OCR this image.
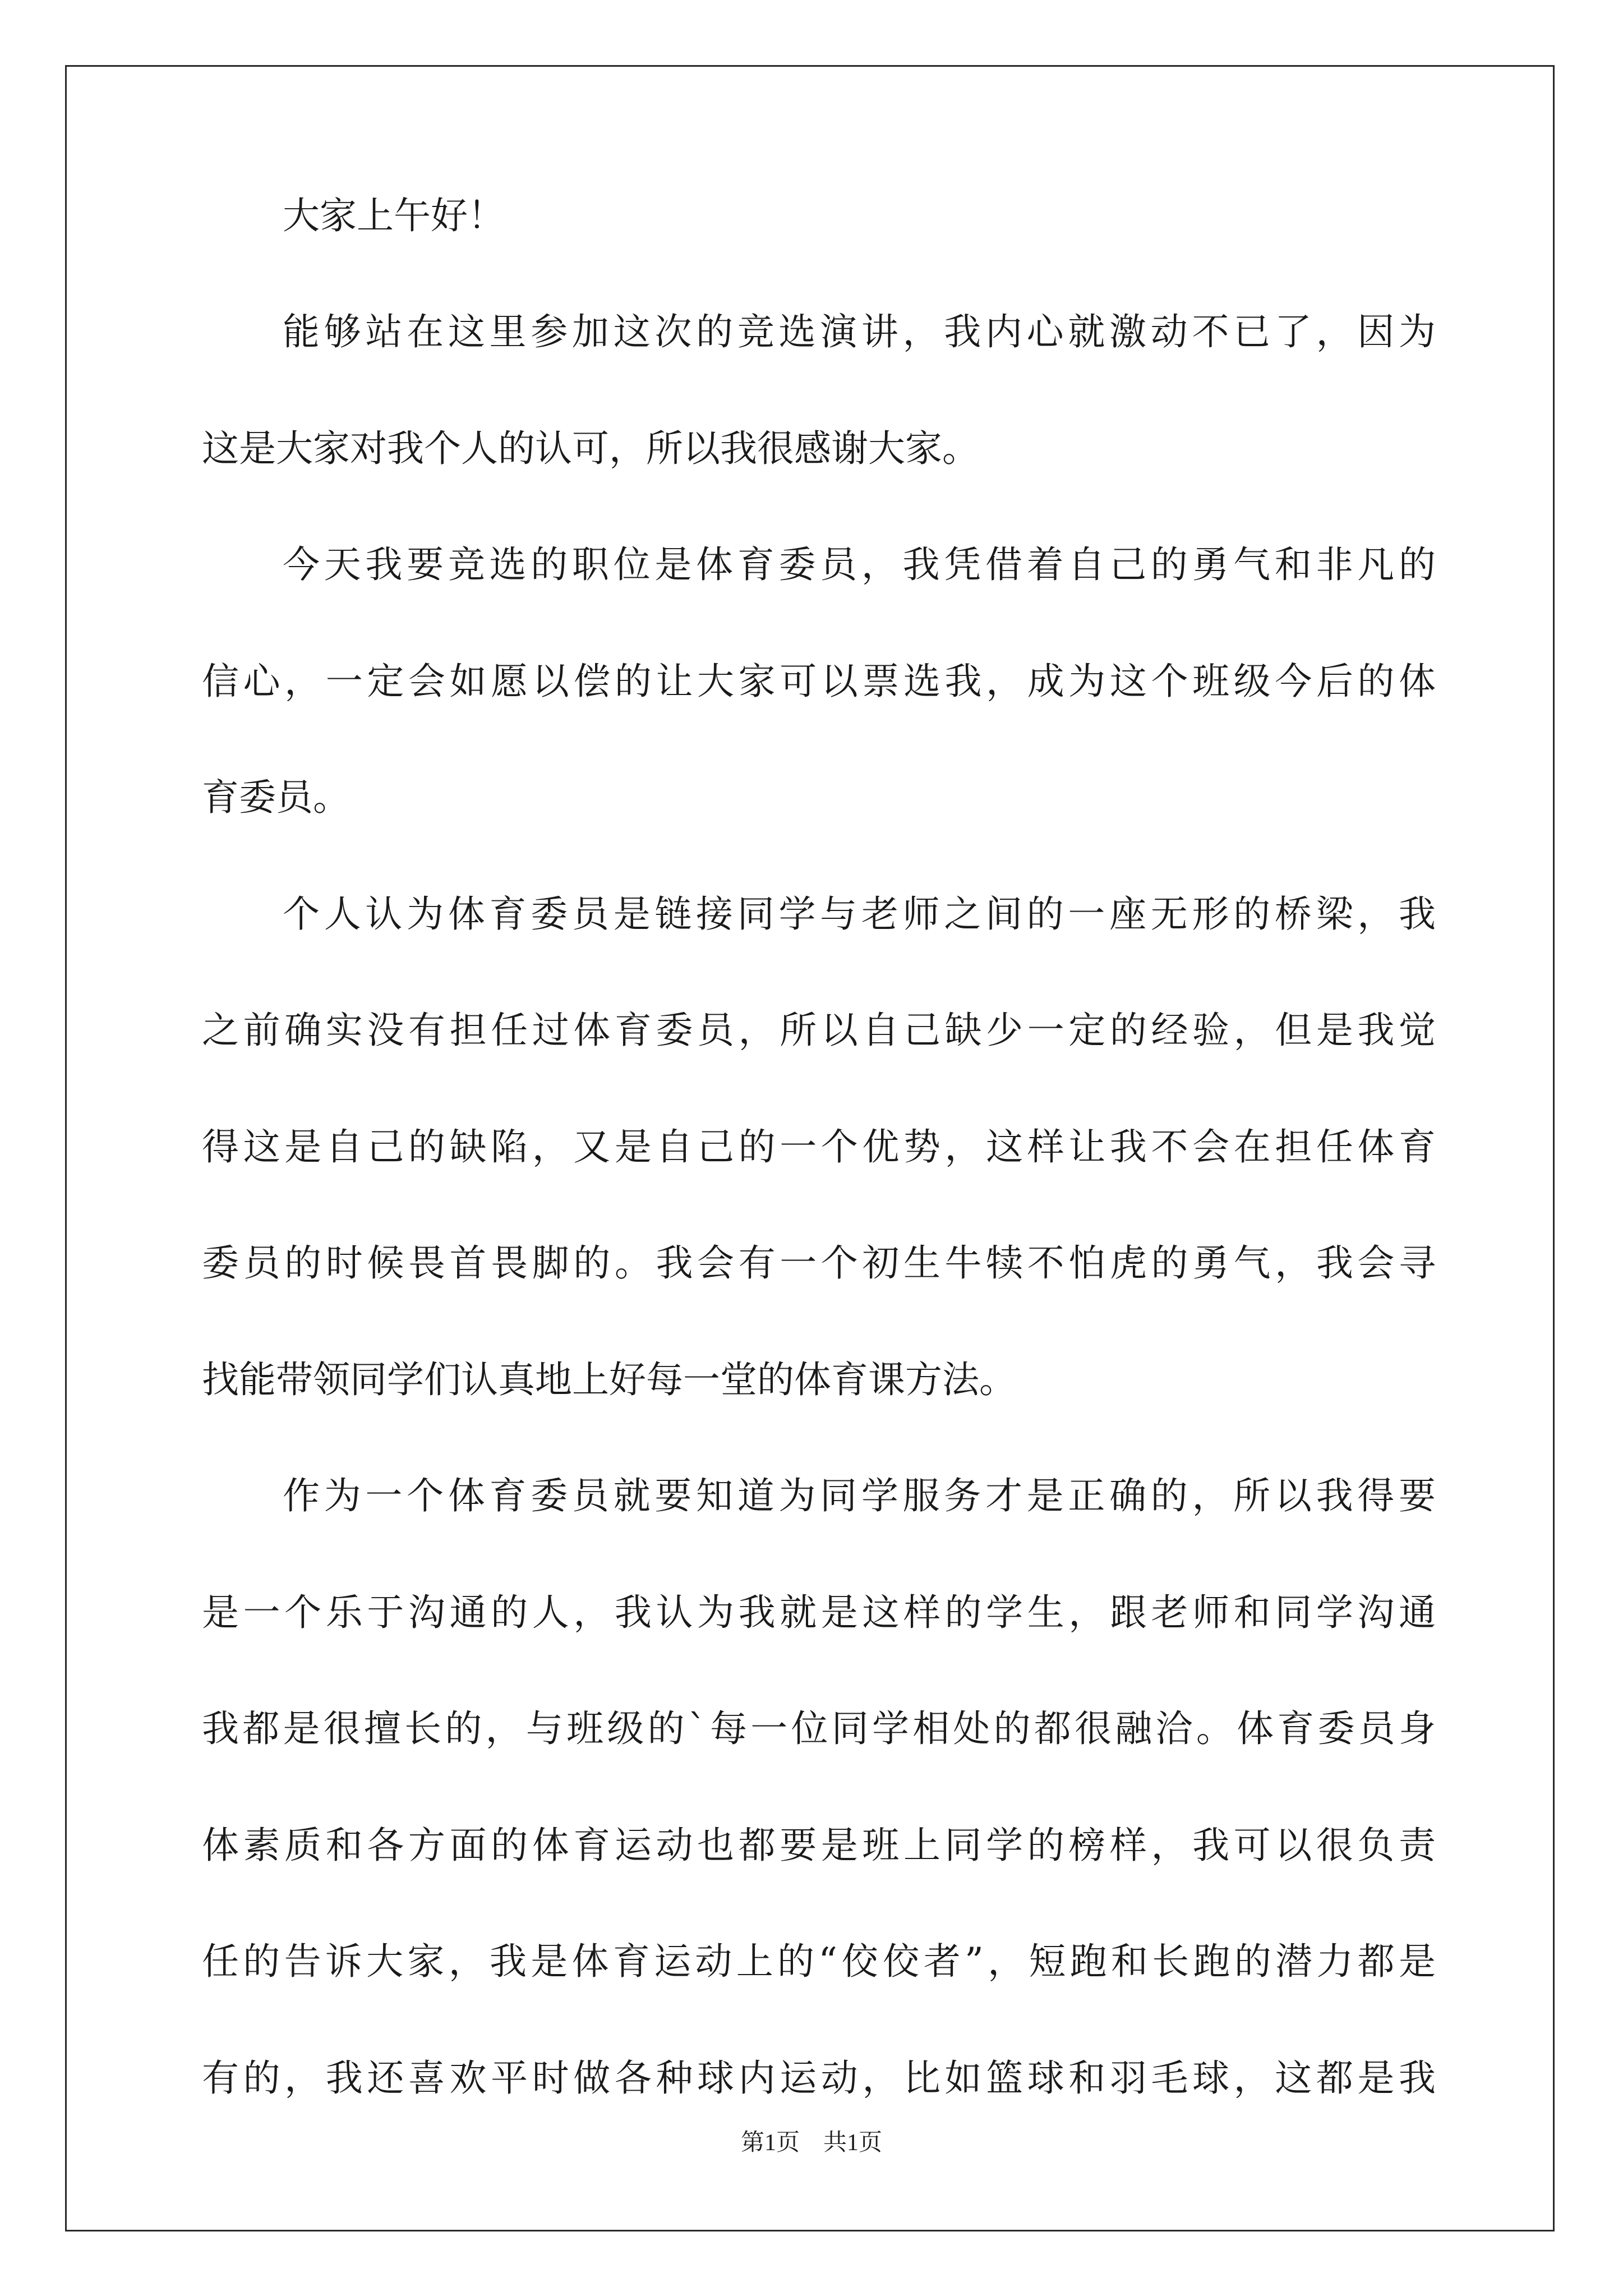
大家上午好！
能够站在这里参加这次的竞选演讲，我内心就激动不已了，因为
这是大家对我个人的认可，所以我很感谢大家。
今天我要竞选的职位是体育委员，我凭借着自己的勇气和非凡的
信心，一定会如愿以偿的让大家可以票选我，成为这个班级今后的体
育委员。
个人认为体育委员是链接同学与老师之间的一座无形的桥梁，我
之前确实没有担任过体育委员，所以自己缺少一定的经验，但是我觉
得这是自己的缺陷，又是自己的一个优势，这样让我不会在担任体育
委员的时候畏首畏脚的。我会有一个初生牛犊不怕虎的勇气，我会寻
找能带领同学们认真地上好每一堂的体育课方法。
作为一个体育委员就要知道为同学服务才是正确的，所以我得要
是一个乐于沟通的人，我认为我就是这样的学生，跟老师和同学沟通
我都是很擅长的，与班级的`每一位同学相处的都很融洽。体育委员身
体素质和各方面的体育运动也都要是班上同学的榜样，我可以很负责
任的告诉大家，我是体育运动上的“佼佼者”，短跑和长跑的潜力都是
有的，我还喜欢平时做各种球内运动，比如篮球和羽毛球，这都是我
第1页　共1页
